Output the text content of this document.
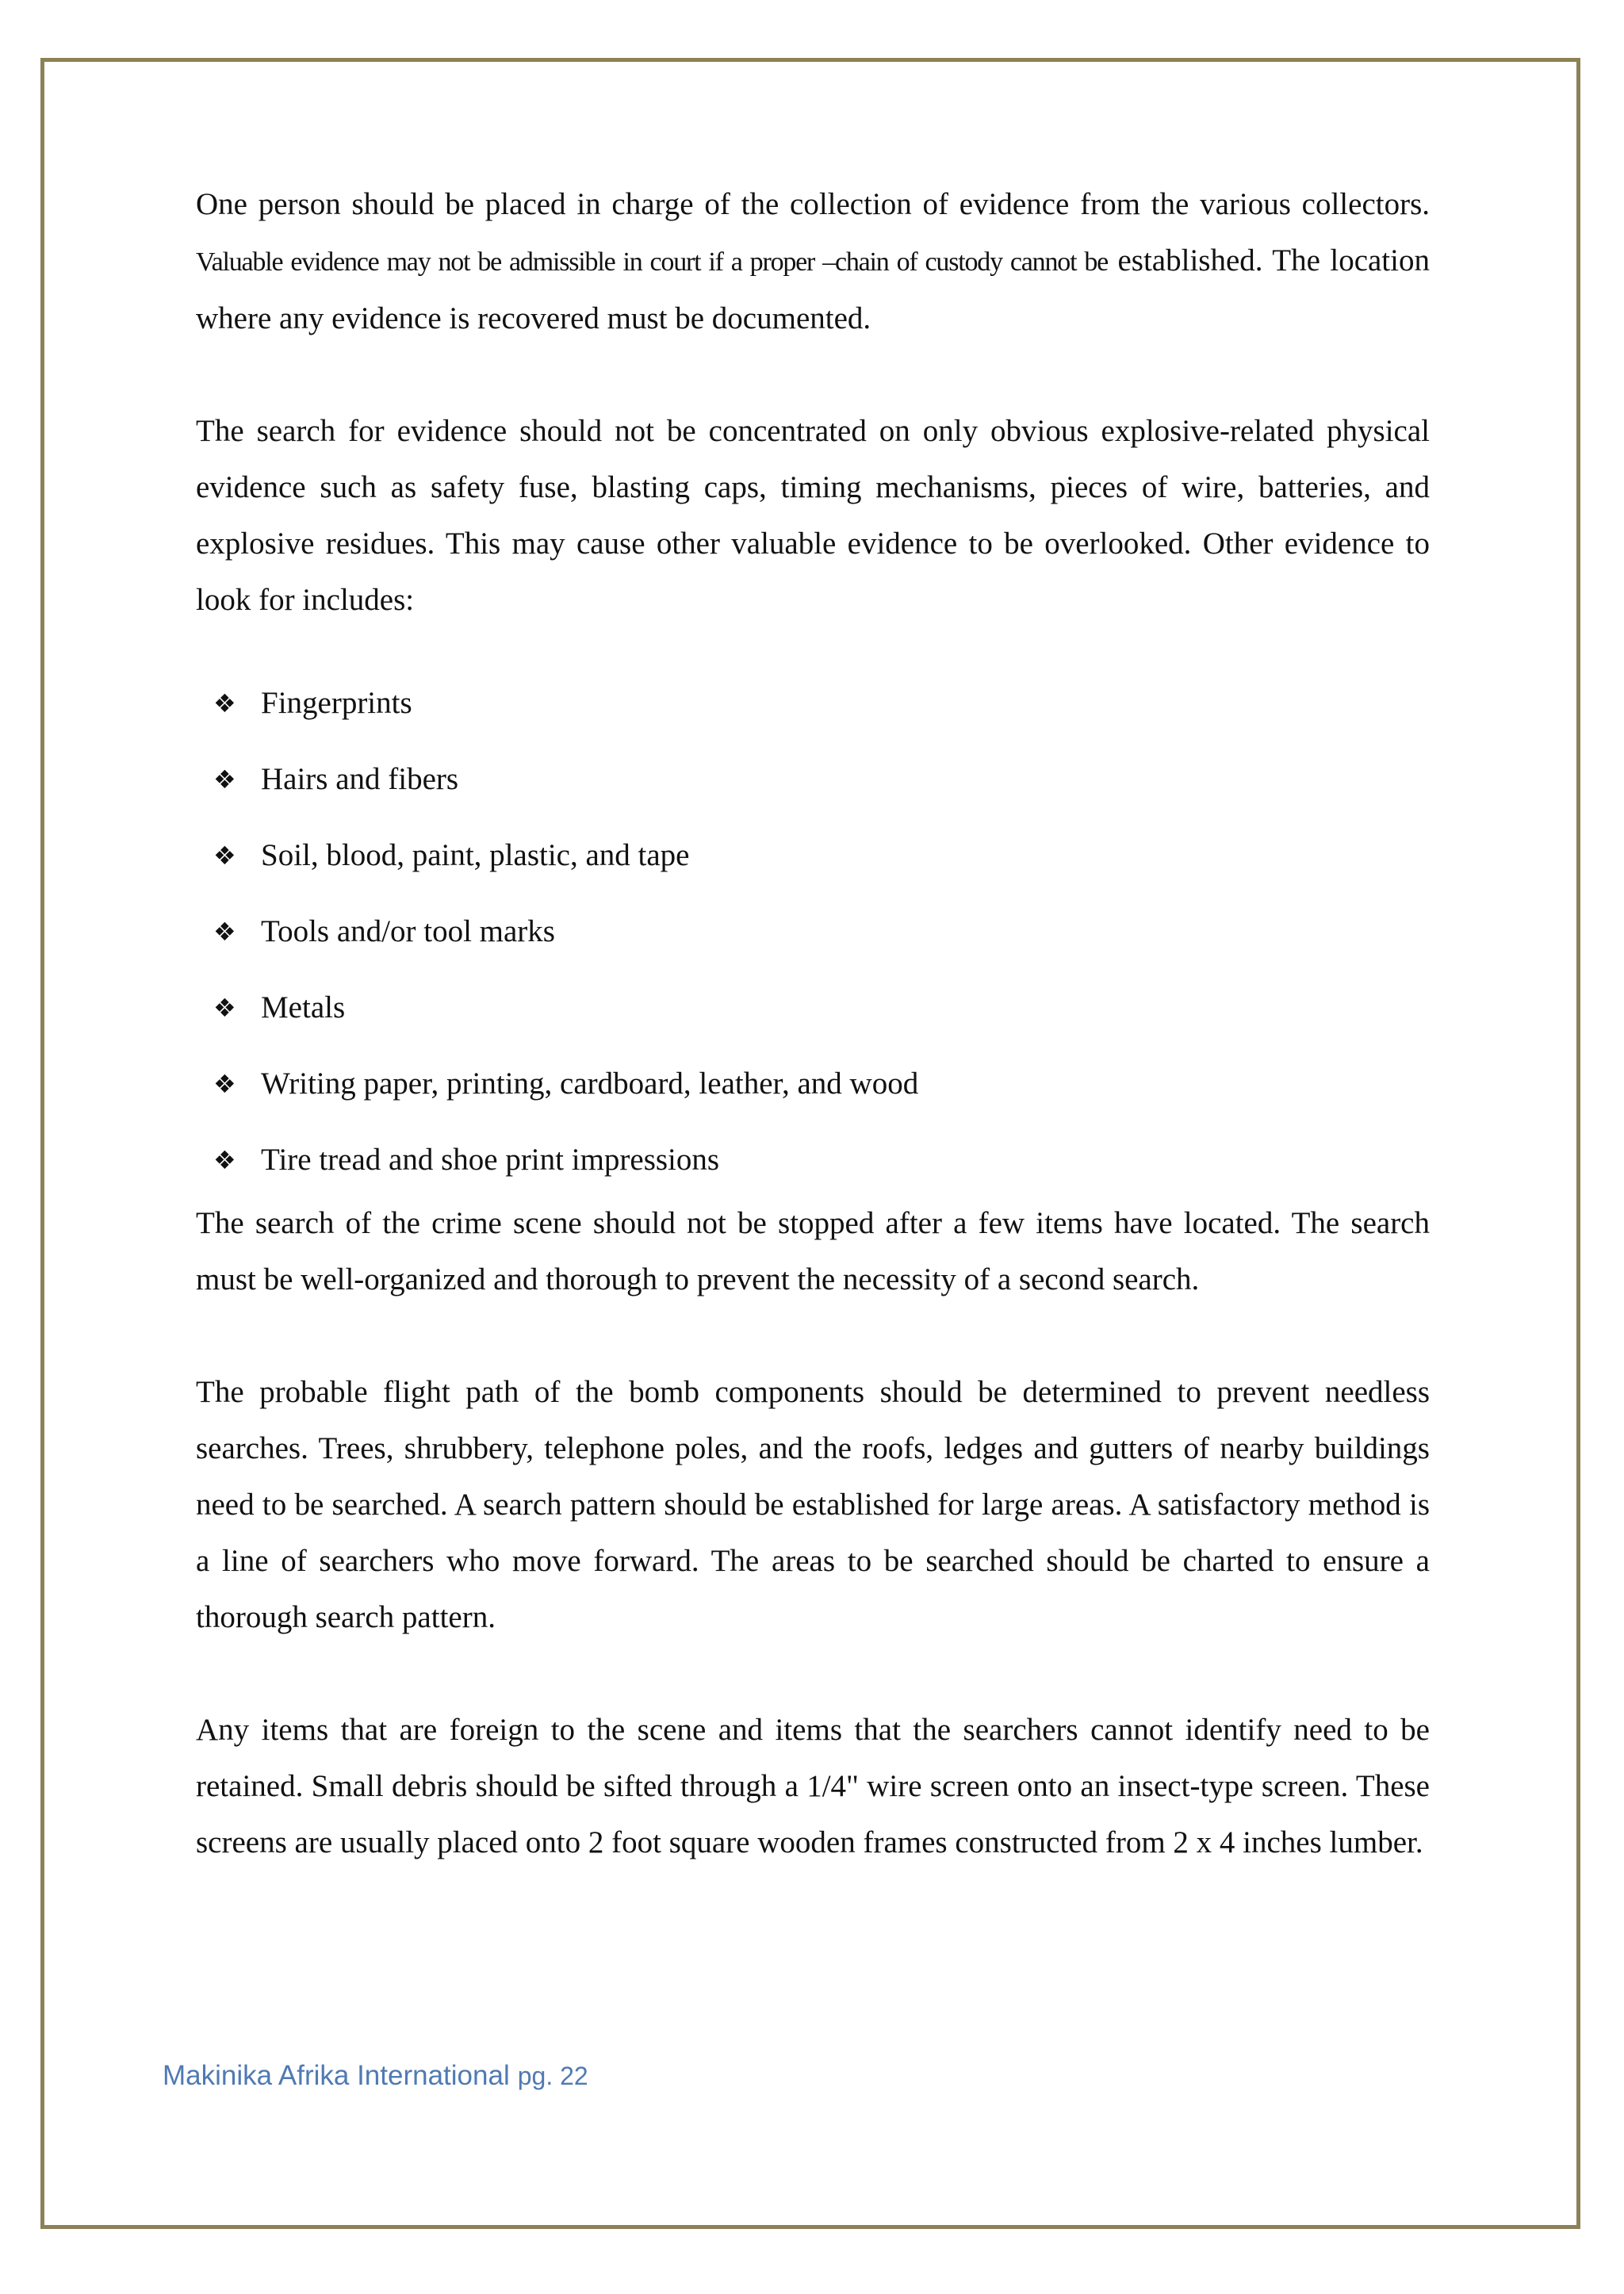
One person should be placed in charge of the collection of evidence from the various collectors. Valuable evidence may not be admissible in court if a proper –chain of custody cannot be established. The location where any evidence is recovered must be documented.

The search for evidence should not be concentrated on only obvious explosive-related physical evidence such as safety fuse, blasting caps, timing mechanisms, pieces of wire, batteries, and explosive residues. This may cause other valuable evidence to be overlooked. Other evidence to look for includes:

❖ Fingerprints
❖ Hairs and fibers
❖ Soil, blood, paint, plastic, and tape
❖ Tools and/or tool marks
❖ Metals
❖ Writing paper, printing, cardboard, leather, and wood
❖ Tire tread and shoe print impressions

The search of the crime scene should not be stopped after a few items have located. The search must be well-organized and thorough to prevent the necessity of a second search.

The probable flight path of the bomb components should be determined to prevent needless searches. Trees, shrubbery, telephone poles, and the roofs, ledges and gutters of nearby buildings need to be searched. A search pattern should be established for large areas. A satisfactory method is a line of searchers who move forward. The areas to be searched should be charted to ensure a thorough search pattern.

Any items that are foreign to the scene and items that the searchers cannot identify need to be retained. Small debris should be sifted through a 1/4" wire screen onto an insect-type screen. These screens are usually placed onto 2 foot square wooden frames constructed from 2 x 4 inches lumber.

Makinika Afrika International pg. 22
